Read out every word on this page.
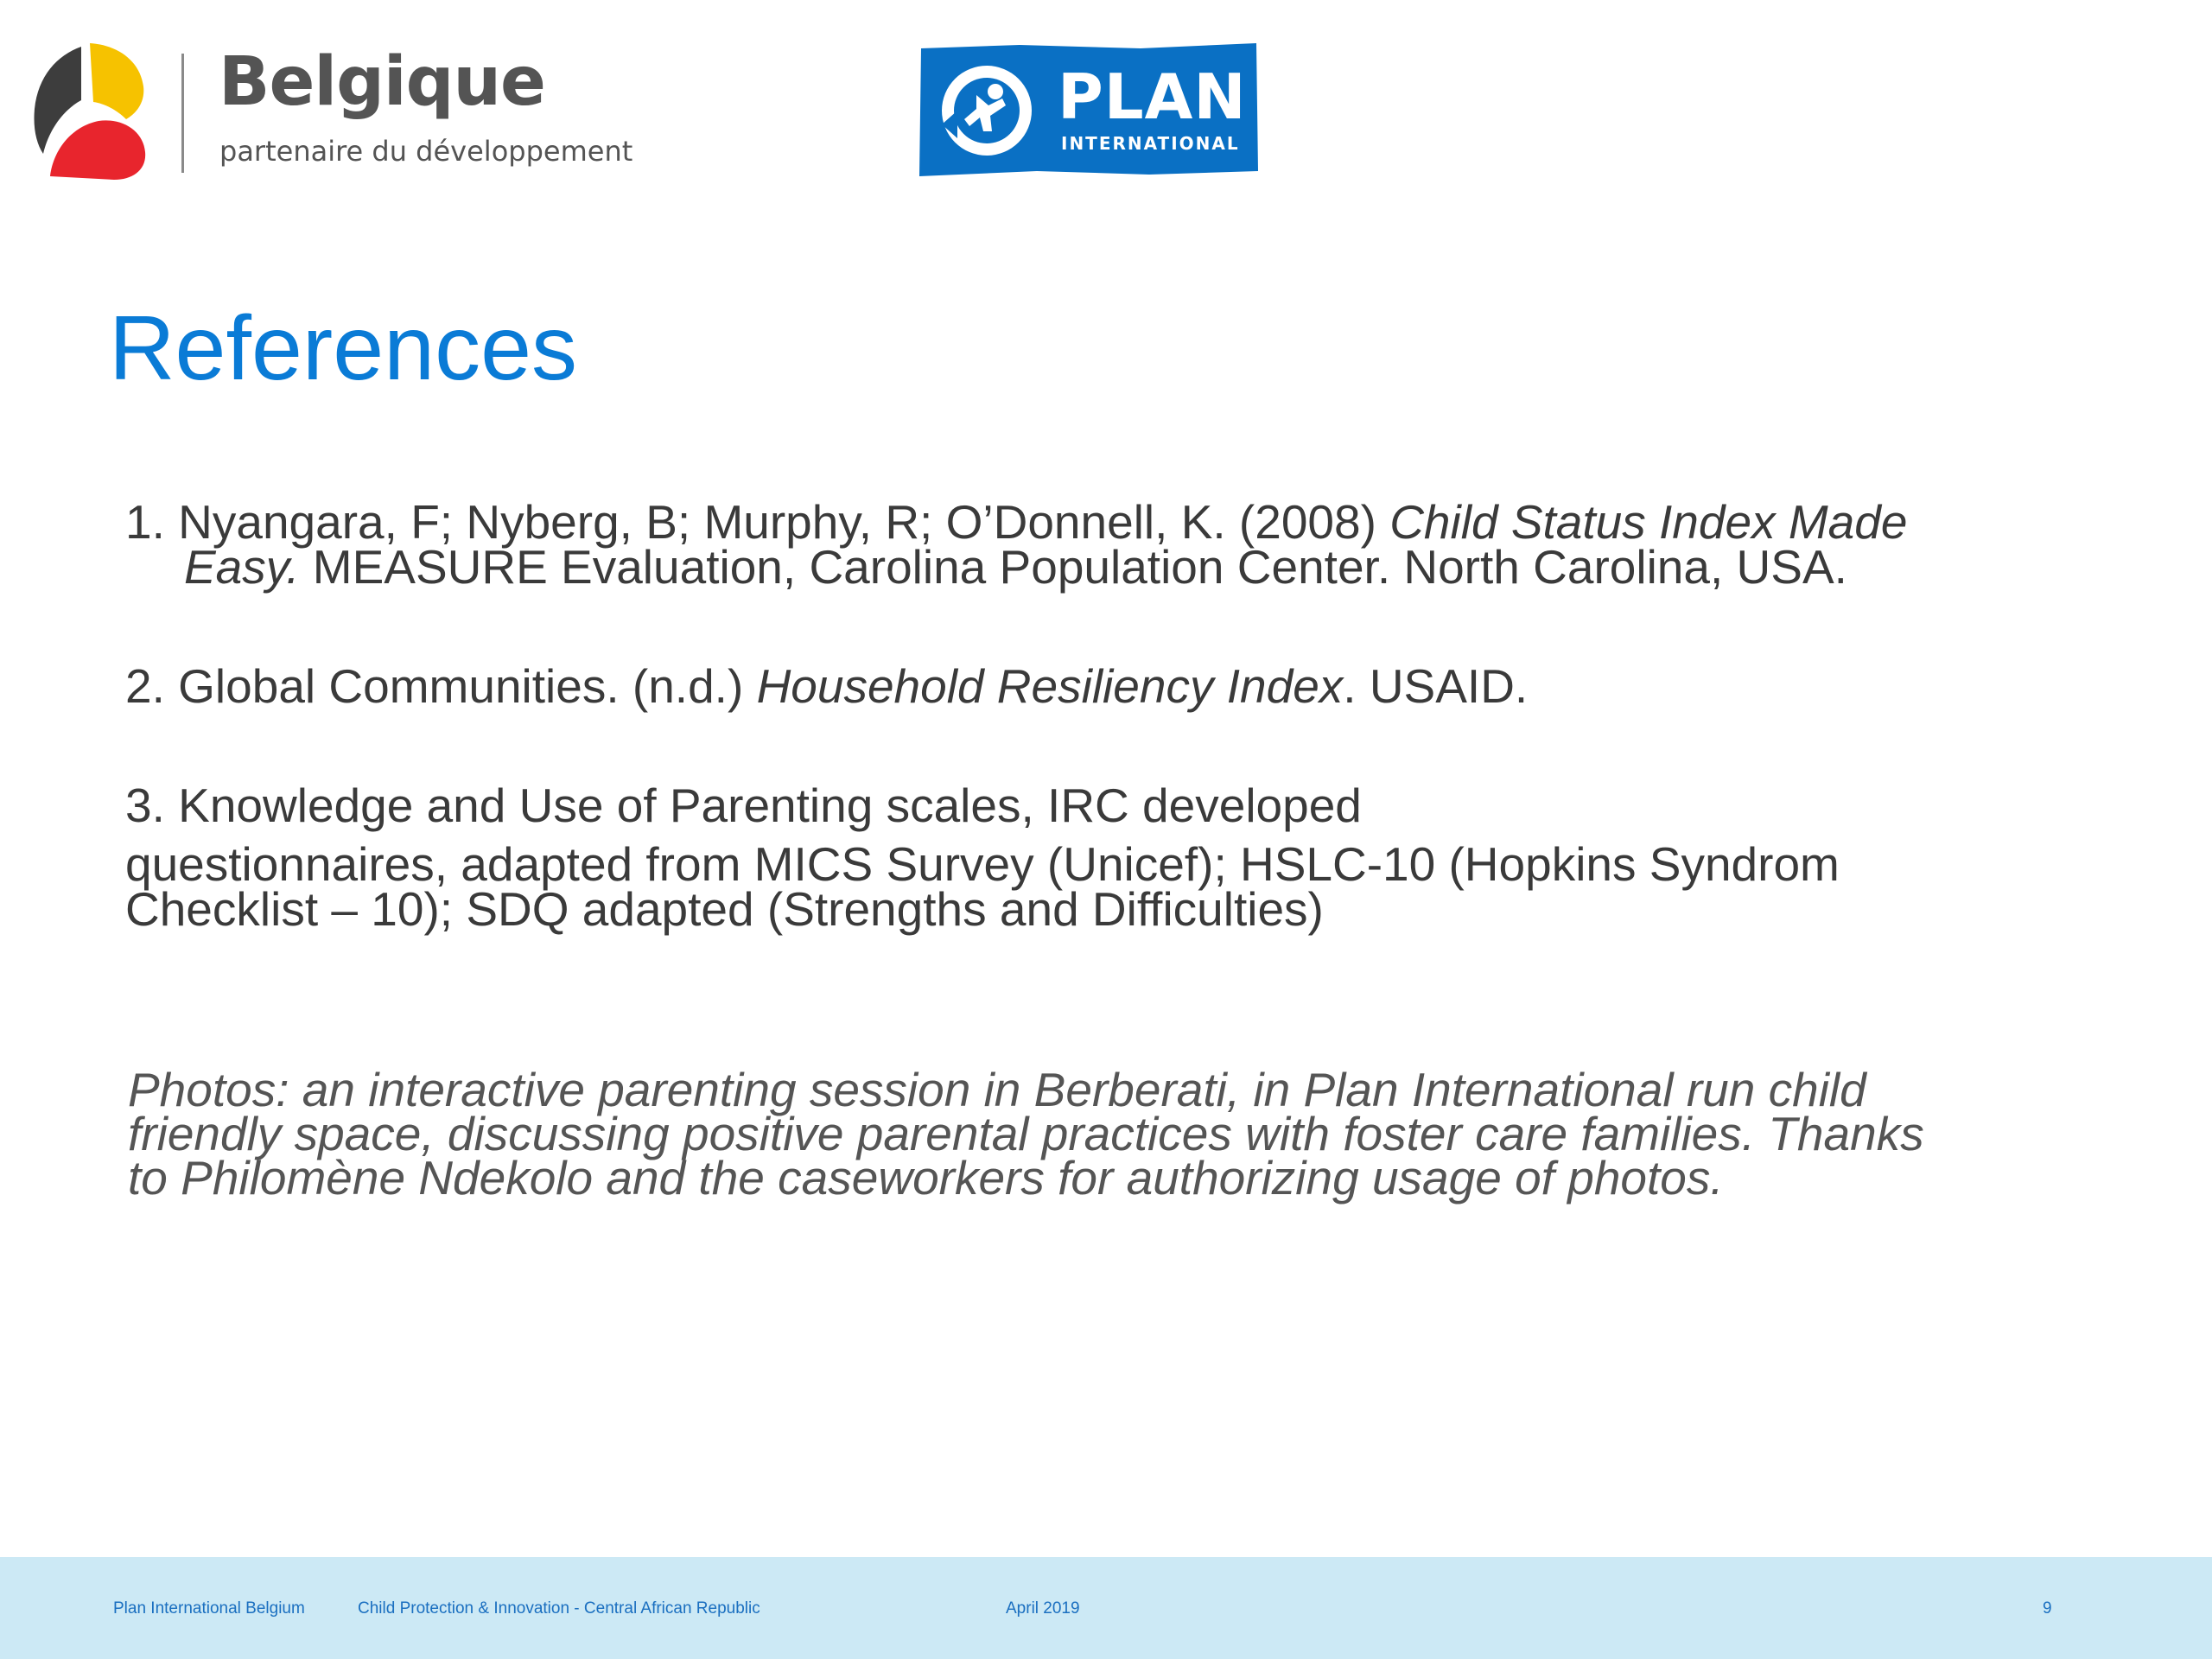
Belgique
partenaire du développement
PLAN
INTERNATIONAL
References
1. Nyangara, F; Nyberg, B; Murphy, R; O’Donnell, K. (2008) Child Status Index Made
Easy. MEASURE Evaluation, Carolina Population Center. North Carolina, USA.
2. Global Communities. (n.d.) Household Resiliency Index. USAID.
3. Knowledge and Use of Parenting scales, IRC developed
questionnaires, adapted from MICS Survey (Unicef); HSLC-10 (Hopkins Syndrom
Checklist – 10); SDQ adapted (Strengths and Difficulties)
Photos: an interactive parenting session in Berberati, in Plan International run child
friendly space, discussing positive parental practices with foster care families. Thanks
to Philomène Ndekolo and the caseworkers for authorizing usage of photos.
Plan International Belgium	Child Protection & Innovation - Central African Republic	April 2019	9
